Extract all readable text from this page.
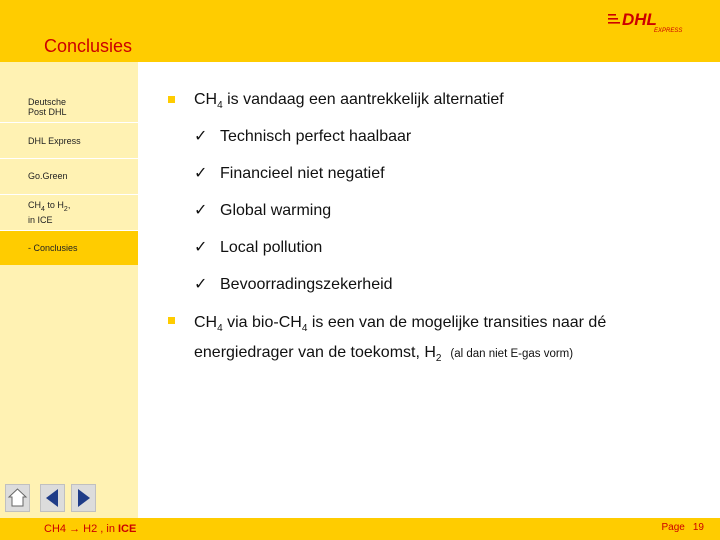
Conclusies
DHL
EXPRESS
Deutsche
Post DHL
DHL Express
Go.Green
$CH_4$ to $H_2$,
in ICE
- Conclusies
$CH_4$ is vandaag een aantrekkelijk alternatief
✓ Technisch perfect haalbaar
✓ Financieel niet negatief
✓ Global warming
✓ Local pollution
✓ Bevoorradingszekerheid
$CH_4$ via bio-$CH_4$ is een van de mogelijke transities naar dé
energiedrager van de toekomst, $H_2$ (al dan niet E-gas vorm)
CH4 → H2 , in ICE	Page 19
